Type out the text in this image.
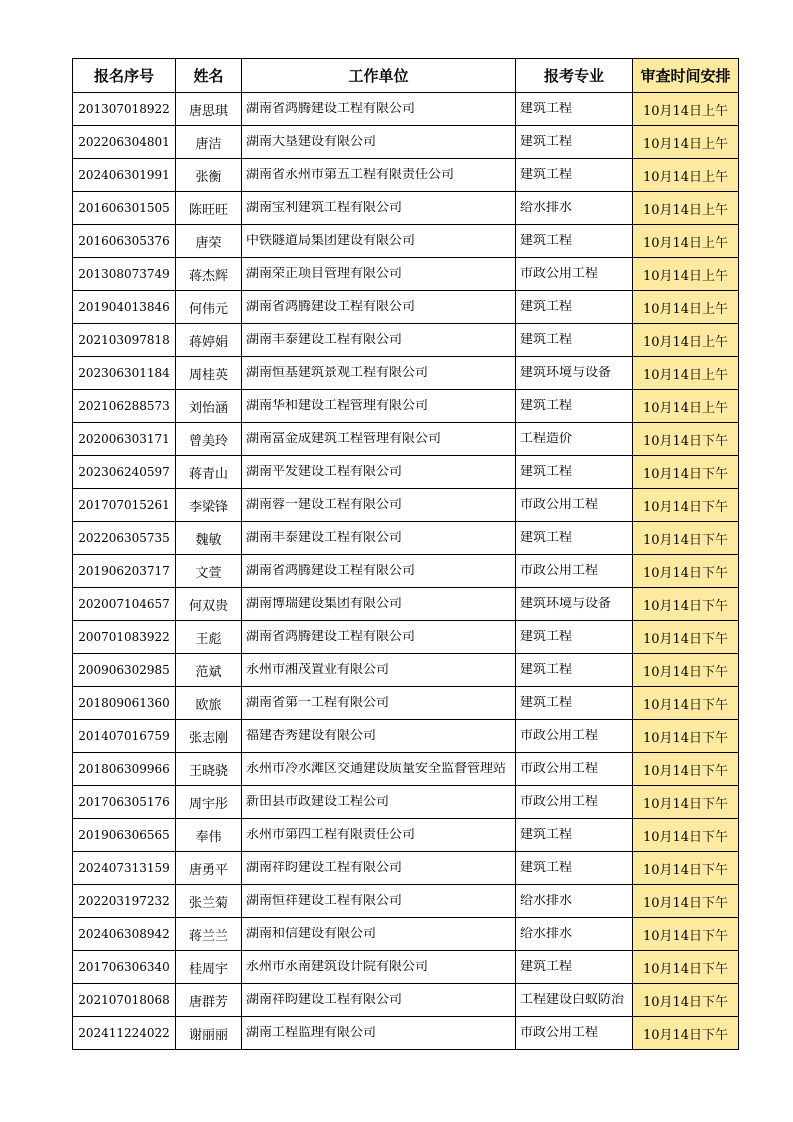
报名序号	姓名	工作单位	报考专业	审查时间安排

201307018922	唐思琪	湖南省鸿腾建设工程有限公司	建筑工程	10月14日上午

202206304801	唐洁	湖南大垦建设有限公司	建筑工程	10月14日上午

202406301991	张衡	湖南省永州市第五工程有限责任公司	建筑工程	10月14日上午

201606301505	陈旺旺	湖南宝利建筑工程有限公司	给水排水	10月14日上午

201606305376	唐荣	中铁隧道局集团建设有限公司	建筑工程	10月14日上午

201308073749	蒋杰辉	湖南荣正项目管理有限公司	市政公用工程	10月14日上午

201904013846	何伟元	湖南省鸿腾建设工程有限公司	建筑工程	10月14日上午

202103097818	蒋婷娟	湖南丰泰建设工程有限公司	建筑工程	10月14日上午

202306301184	周桂英	湖南恒基建筑景观工程有限公司	建筑环境与设备	10月14日上午

202106288573	刘怡涵	湖南华和建设工程管理有限公司	建筑工程	10月14日上午

202006303171	曾美玲	湖南富金成建筑工程管理有限公司	工程造价	10月14日下午

202306240597	蒋青山	湖南平发建设工程有限公司	建筑工程	10月14日下午

201707015261	李梁锋	湖南蓉一建设工程有限公司	市政公用工程	10月14日下午

202206305735	魏敏	湖南丰泰建设工程有限公司	建筑工程	10月14日下午

201906203717	文萱	湖南省鸿腾建设工程有限公司	市政公用工程	10月14日下午

202007104657	何双贵	湖南博瑞建设集团有限公司	建筑环境与设备	10月14日下午

200701083922	王彪	湖南省鸿腾建设工程有限公司	建筑工程	10月14日下午

200906302985	范斌	永州市湘茂置业有限公司	建筑工程	10月14日下午

201809061360	欧旅	湖南省第一工程有限公司	建筑工程	10月14日下午

201407016759	张志刚	福建杏秀建设有限公司	市政公用工程	10月14日下午

201806309966	王晓骁	永州市冷水滩区交通建设质量安全监督管理站	市政公用工程	10月14日下午

201706305176	周宇彤	新田县市政建设工程公司	市政公用工程	10月14日下午

201906306565	奉伟	永州市第四工程有限责任公司	建筑工程	10月14日下午

202407313159	唐勇平	湖南祥昀建设工程有限公司	建筑工程	10月14日下午

202203197232	张兰菊	湖南恒祥建设工程有限公司	给水排水	10月14日下午

202406308942	蒋兰兰	湖南和信建设有限公司	给水排水	10月14日下午

201706306340	桂周宇	永州市永南建筑设计院有限公司	建筑工程	10月14日下午

202107018068	唐群芳	湖南祥昀建设工程有限公司	工程建设白蚁防治	10月14日下午

202411224022	谢丽丽	湖南工程监理有限公司	市政公用工程	10月14日下午
